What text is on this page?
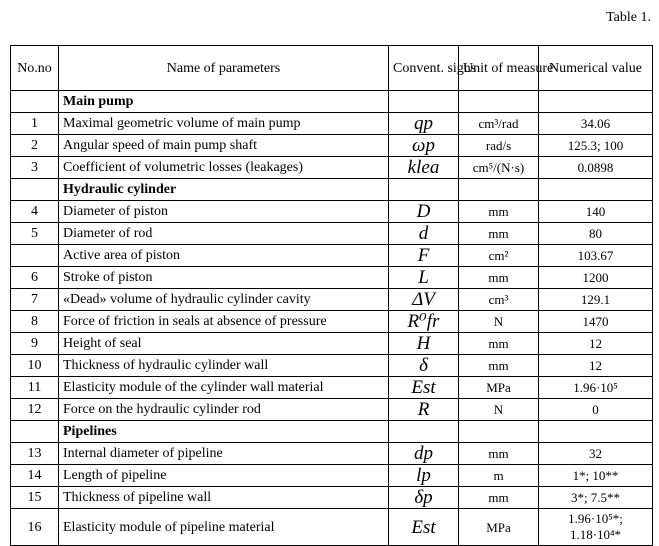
Table 1.
No.no	Name of parameters	Convent. signs	Unit of measure	Numerical value
	Main pump			
1	Maximal geometric volume of main pump	qp	cm³/rad	34.06
2	Angular speed of main pump shaft	ωp	rad/s	125.3; 100
3	Coefficient of volumetric losses (leakages)	klea	cm⁵/(N·s)	0.0898
	Hydraulic cylinder			
4	Diameter of piston	D	mm	140
5	Diameter of rod	d	mm	80
	Active area of piston	F	cm²	103.67
6	Stroke of piston	L	mm	1200
7	«Dead» volume of hydraulic cylinder cavity	ΔV	cm³	129.1
8	Force of friction in seals at absence of pressure	R⁰fr	N	1470
9	Height of seal	H	mm	12
10	Thickness of hydraulic cylinder wall	δ	mm	12
11	Elasticity module of the cylinder wall material	Est	MPa	1.96·10⁵
12	Force on the hydraulic cylinder rod	R	N	0
	Pipelines			
13	Internal diameter of pipeline	dp	mm	32
14	Length of pipeline	lp	m	1*; 10**
15	Thickness of pipeline wall	δp	mm	3*; 7.5**
16	Elasticity module of pipeline material	Est	MPa	1.96·10⁵*;
1.18·10⁴*
